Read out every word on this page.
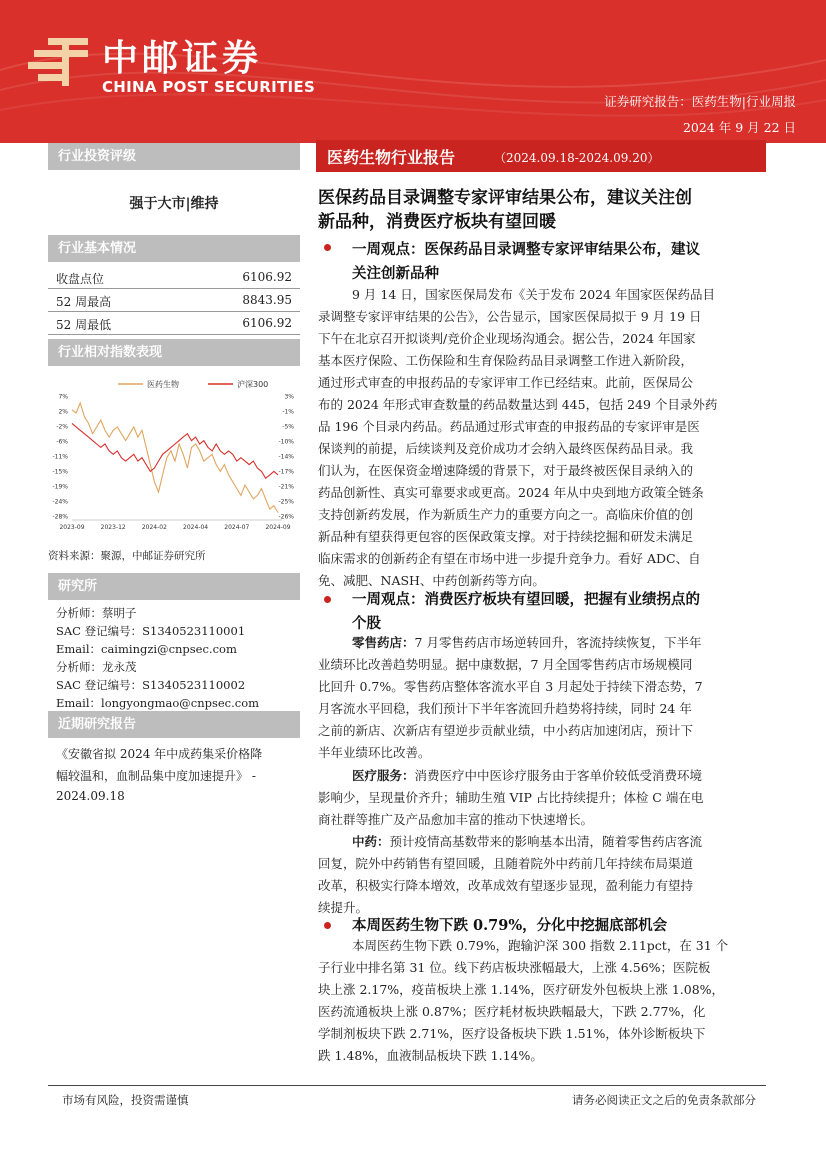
中邮证券
CHINA POST SECURITIES
证券研究报告：医药生物|行业周报
2024 年 9 月 22 日
行业投资评级
强于大市|维持
行业基本情况
收盘点位	6106.92
52 周最高	8843.95
52 周最低	6106.92
行业相对指数表现
医药生物	沪深300
7%
2%
-2%
-6%
-11%
-15%
-19%
-24%
-28%
3%
-1%
-5%
-10%
-14%
-17%
-21%
-25%
-26%
2023-09	2023-12	2024-02	2024-04	2024-07	2024-09
资料来源：聚源，中邮证券研究所
研究所
分析师：蔡明子
SAC 登记编号：S1340523110001
Email：caimingzi@cnpsec.com
分析师：龙永茂
SAC 登记编号：S1340523110002
Email：longyongmao@cnpsec.com
近期研究报告
《安徽省拟 2024 年中成药集采价格降
幅较温和，血制品集中度加速提升》 -
2024.09.18
医药生物行业报告	（2024.09.18-2024.09.20）
医保药品目录调整专家评审结果公布，建议关注创
新品种，消费医疗板块有望回暖
一周观点：医保药品目录调整专家评审结果公布，建议
关注创新品种
9 月 14 日，国家医保局发布《关于发布 2024 年国家医保药品目
录调整专家评审结果的公告》，公告显示，国家医保局拟于 9 月 19 日
下午在北京召开拟谈判/竞价企业现场沟通会。据公告，2024 年国家
基本医疗保险、工伤保险和生育保险药品目录调整工作进入新阶段，
通过形式审查的申报药品的专家评审工作已经结束。此前，医保局公
布的 2024 年形式审查数量的药品数量达到 445，包括 249 个目录外药
品 196 个目录内药品。药品通过形式审查的申报药品的专家评审是医
保谈判的前提，后续谈判及竞价成功才会纳入最终医保药品目录。我
们认为，在医保资金增速降缓的背景下，对于最终被医保目录纳入的
药品创新性、真实可靠要求或更高。2024 年从中央到地方政策全链条
支持创新药发展，作为新质生产力的重要方向之一。高临床价值的创
新品种有望获得更包容的医保政策支撑。对于持续挖掘和研发未满足
临床需求的创新药企有望在市场中进一步提升竞争力。看好 ADC、自
免、减肥、NASH、中药创新药等方向。
一周观点：消费医疗板块有望回暖，把握有业绩拐点的
个股
零售药店：7 月零售药店市场逆转回升，客流持续恢复，下半年
业绩环比改善趋势明显。据中康数据，7 月全国零售药店市场规模同
比回升 0.7%。零售药店整体客流水平自 3 月起处于持续下滑态势，7
月客流水平回稳，我们预计下半年客流回升趋势将持续，同时 24 年
之前的新店、次新店有望逆步贡献业绩，中小药店加速闭店，预计下
半年业绩环比改善。
医疗服务：消费医疗中中医诊疗服务由于客单价较低受消费环境
影响少，呈现量价齐升；辅助生殖 VIP 占比持续提升；体检 C 端在电
商社群等推广及产品愈加丰富的推动下快速增长。
中药：预计疫情高基数带来的影响基本出清，随着零售药店客流
回复，院外中药销售有望回暖，且随着院外中药前几年持续布局渠道
改革，积极实行降本增效，改革成效有望逐步显现，盈利能力有望持
续提升。
本周医药生物下跌 0.79%，分化中挖掘底部机会
本周医药生物下跌 0.79%，跑输沪深 300 指数 2.11pct，在 31 个
子行业中排名第 31 位。线下药店板块涨幅最大，上涨 4.56%；医院板
块上涨 2.17%，疫苗板块上涨 1.14%，医疗研发外包板块上涨 1.08%，
医药流通板块上涨 0.87%；医疗耗材板块跌幅最大，下跌 2.77%，化
学制剂板块下跌 2.71%，医疗设备板块下跌 1.51%，体外诊断板块下
跌 1.48%，血液制品板块下跌 1.14%。
市场有风险，投资需谨慎	请务必阅读正文之后的免责条款部分
